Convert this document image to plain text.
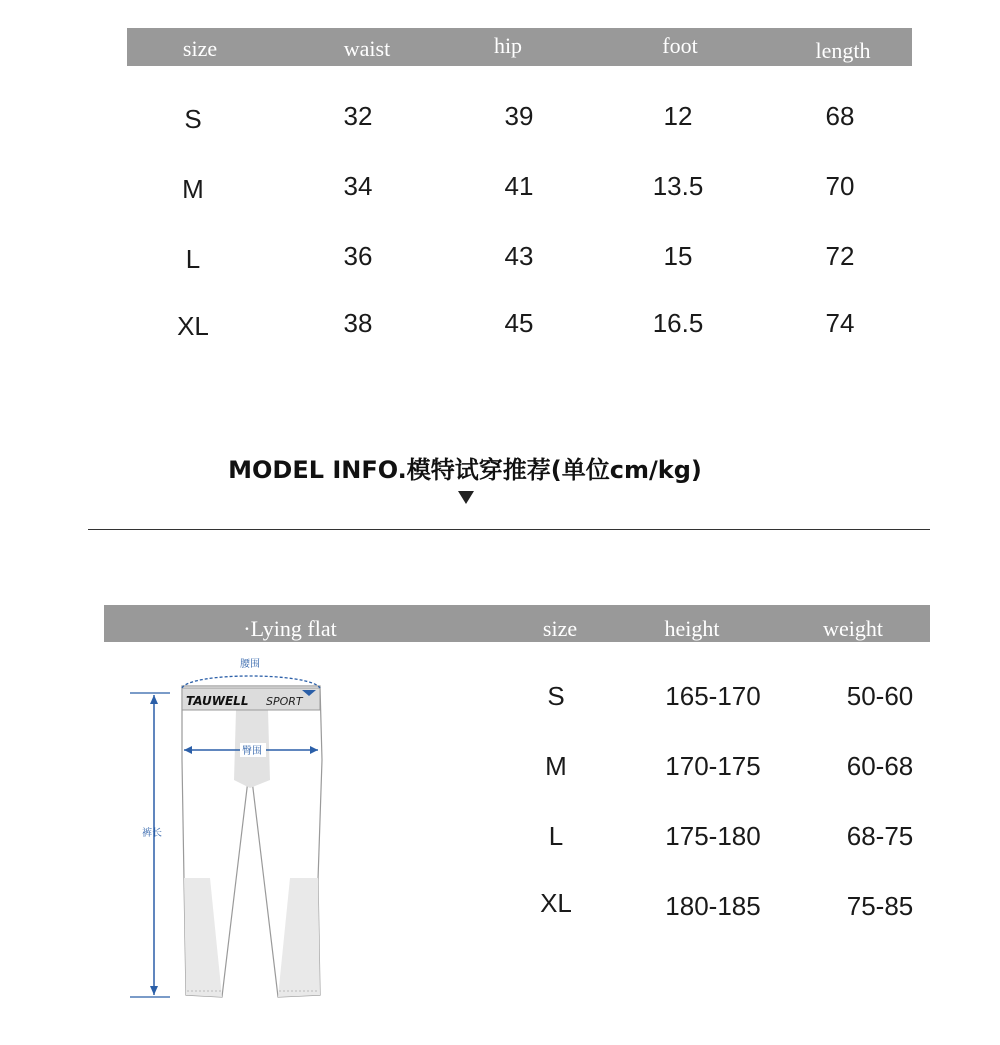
size	waist	hip	foot	length
S	32	39	12	68
M	34	41	13.5	70
L	36	43	15	72
XL	38	45	16.5	74
MODEL INFO.模特试穿推荐(单位cm/kg)
·Lying flat	size	height	weight
S	165-170	50-60
M	170-175	60-68
L	175-180	68-75
XL	180-185	75-85
TAUWELL SPORT
腰围
臀围
裤长
